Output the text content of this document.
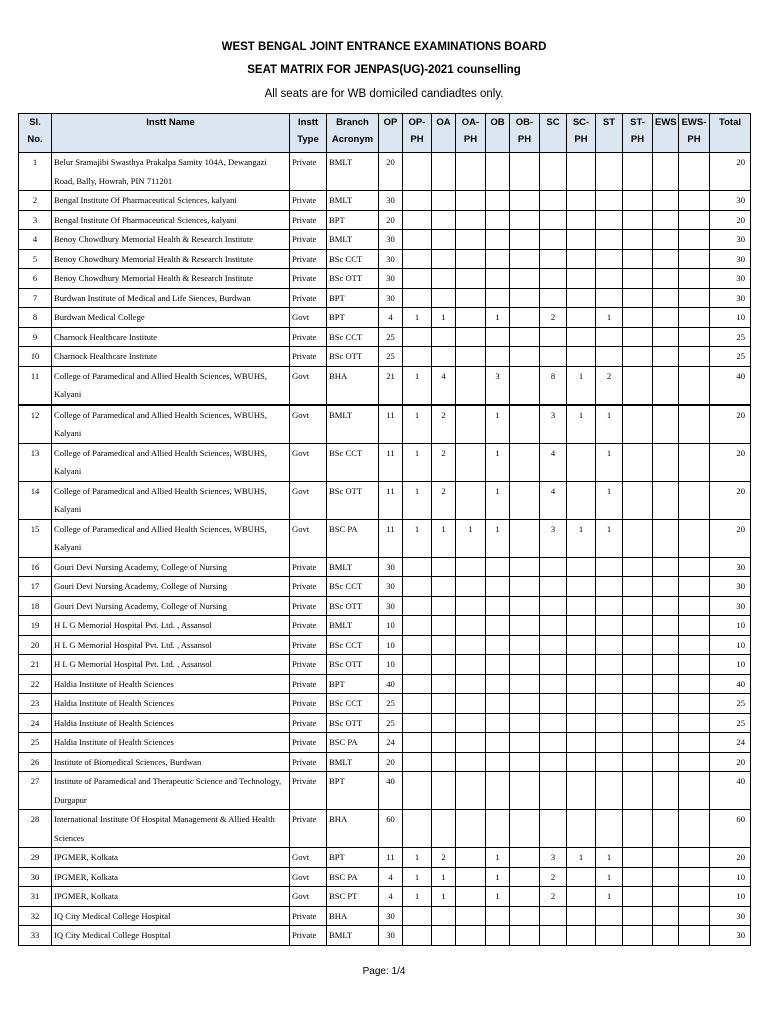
WEST BENGAL JOINT ENTRANCE EXAMINATIONS BOARD
SEAT MATRIX FOR JENPAS(UG)-2021 counselling
All seats are for WB domiciled candiadtes only.
Sl. No.	Instt Name	Instt Type	Branch Acronym	OP	OP-PH	OA	OA-PH	OB	OB-PH	SC	SC-PH	ST	ST-PH	EWS	EWS-PH	Total
1	Belur Sramajibi Swasthya Prakalpa Samity 104A, Dewangazi Road, Bally, Howrah, PIN 711201	Private	BMLT	20												20
2	Bengal Institute Of Pharmaceutical Sciences, kalyani	Private	BMLT	30												30
3	Bengal Institute Of Pharmaceutical Sciences, kalyani	Private	BPT	20												20
4	Benoy Chowdhury Memorial Health & Research Institute	Private	BMLT	30												30
5	Benoy Chowdhury Memorial Health & Research Institute	Private	BSc CCT	30												30
6	Benoy Chowdhury Memorial Health & Research Institute	Private	BSc OTT	30												30
7	Burdwan Institute of Medical and Life Siences, Burdwan	Private	BPT	30												30
8	Burdwan Medical College	Govt	BPT	4	1	1		1		2		1				10
9	Charnock Healthcare Institute	Private	BSc CCT	25												25
10	Charnock Healthcare Institute	Private	BSc OTT	25												25
11	College of Paramedical and Allied Health Sciences, WBUHS, Kalyani	Govt	BHA	21	1	4		3		8	1	2				40
12	College of Paramedical and Allied Health Sciences, WBUHS, Kalyani	Govt	BMLT	11	1	2		1		3	1	1				20
13	College of Paramedical and Allied Health Sciences, WBUHS, Kalyani	Govt	BSc CCT	11	1	2		1		4		1				20
14	College of Paramedical and Allied Health Sciences, WBUHS, Kalyani	Govt	BSc OTT	11	1	2		1		4		1				20
15	College of Paramedical and Allied Health Sciences, WBUHS, Kalyani	Govt	BSC PA	11	1	1	1	1		3	1	1				20
16	Gouri Devi Nursing Academy, College of Nursing	Private	BMLT	30												30
17	Gouri Devi Nursing Academy, College of Nursing	Private	BSc CCT	30												30
18	Gouri Devi Nursing Academy, College of Nursing	Private	BSc OTT	30												30
19	H L G Memorial Hospital Pvt. Ltd. , Assansol	Private	BMLT	10												10
20	H L G Memorial Hospital Pvt. Ltd. , Assansol	Private	BSc CCT	10												10
21	H L G Memorial Hospital Pvt. Ltd. , Assansol	Private	BSc OTT	10												10
22	Haldia Institute of Health Sciences	Private	BPT	40												40
23	Haldia Institute of Health Sciences	Private	BSc CCT	25												25
24	Haldia Institute of Health Sciences	Private	BSc OTT	25												25
25	Haldia Institute of Health Sciences	Private	BSC PA	24												24
26	Institute of Biomedical Sciences, Burdwan	Private	BMLT	20												20
27	Institute of Paramedical and Therapeutic Science and Technology, Durgapur	Private	BPT	40												40
28	International Institute Of Hospital Management & Allied Health Sciences	Private	BHA	60												60
29	IPGMER, Kolkata	Govt	BPT	11	1	2		1		3	1	1				20
30	IPGMER, Kolkata	Govt	BSC PA	4	1	1		1		2		1				10
31	IPGMER, Kolkata	Govt	BSC PT	4	1	1		1		2		1				10
32	IQ City Medical College Hospital	Private	BHA	30												30
33	IQ City Medical College Hospital	Private	BMLT	30												30
Page: 1/4
